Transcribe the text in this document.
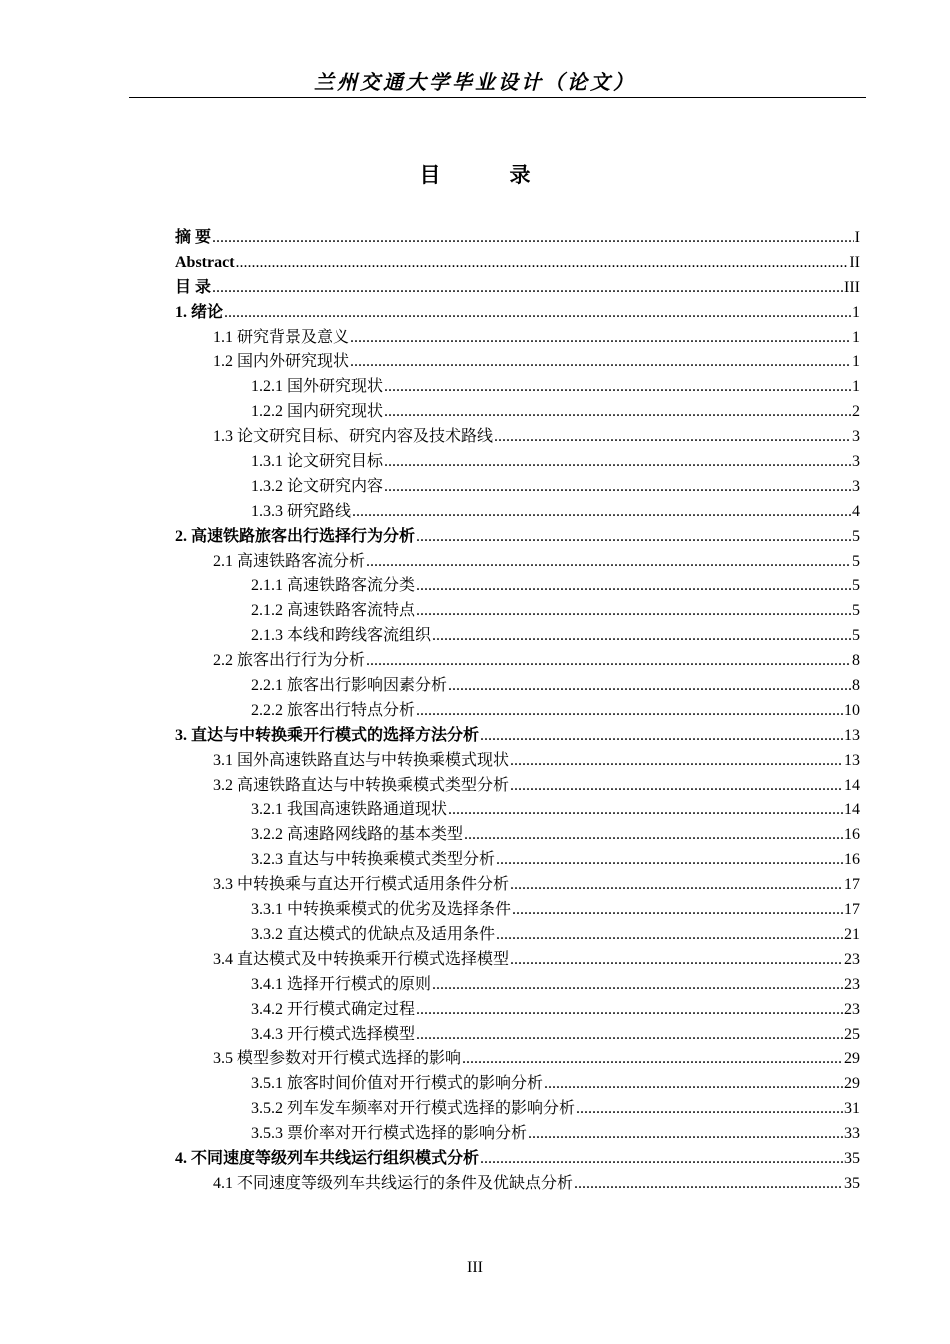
兰州交通大学毕业设计（论文）
目　录
摘 要 .....	I
Abstract .....	II
目 录 .....	III
1. 绪论 .....	1
1.1 研究背景及意义 .....	1
1.2 国内外研究现状 .....	1
1.2.1 国外研究现状 .....	1
1.2.2 国内研究现状 .....	2
1.3 论文研究目标、研究内容及技术路线 .....	3
1.3.1 论文研究目标 .....	3
1.3.2 论文研究内容 .....	3
1.3.3 研究路线 .....	4
2. 高速铁路旅客出行选择行为分析 .....	5
2.1 高速铁路客流分析 .....	5
2.1.1 高速铁路客流分类 .....	5
2.1.2 高速铁路客流特点 .....	5
2.1.3 本线和跨线客流组织 .....	5
2.2 旅客出行行为分析 .....	8
2.2.1 旅客出行影响因素分析 .....	8
2.2.2 旅客出行特点分析 .....	10
3. 直达与中转换乘开行模式的选择方法分析 .....	13
3.1 国外高速铁路直达与中转换乘模式现状 .....	13
3.2 高速铁路直达与中转换乘模式类型分析 .....	14
3.2.1 我国高速铁路通道现状 .....	14
3.2.2 高速路网线路的基本类型 .....	16
3.2.3 直达与中转换乘模式类型分析 .....	16
3.3 中转换乘与直达开行模式适用条件分析 .....	17
3.3.1 中转换乘模式的优劣及选择条件 .....	17
3.3.2 直达模式的优缺点及适用条件 .....	21
3.4 直达模式及中转换乘开行模式选择模型 .....	23
3.4.1 选择开行模式的原则 .....	23
3.4.2 开行模式确定过程 .....	23
3.4.3 开行模式选择模型 .....	25
3.5 模型参数对开行模式选择的影响 .....	29
3.5.1 旅客时间价值对开行模式的影响分析 .....	29
3.5.2 列车发车频率对开行模式选择的影响分析 .....	31
3.5.3 票价率对开行模式选择的影响分析 .....	33
4. 不同速度等级列车共线运行组织模式分析 .....	35
4.1 不同速度等级列车共线运行的条件及优缺点分析 .....	35
III
